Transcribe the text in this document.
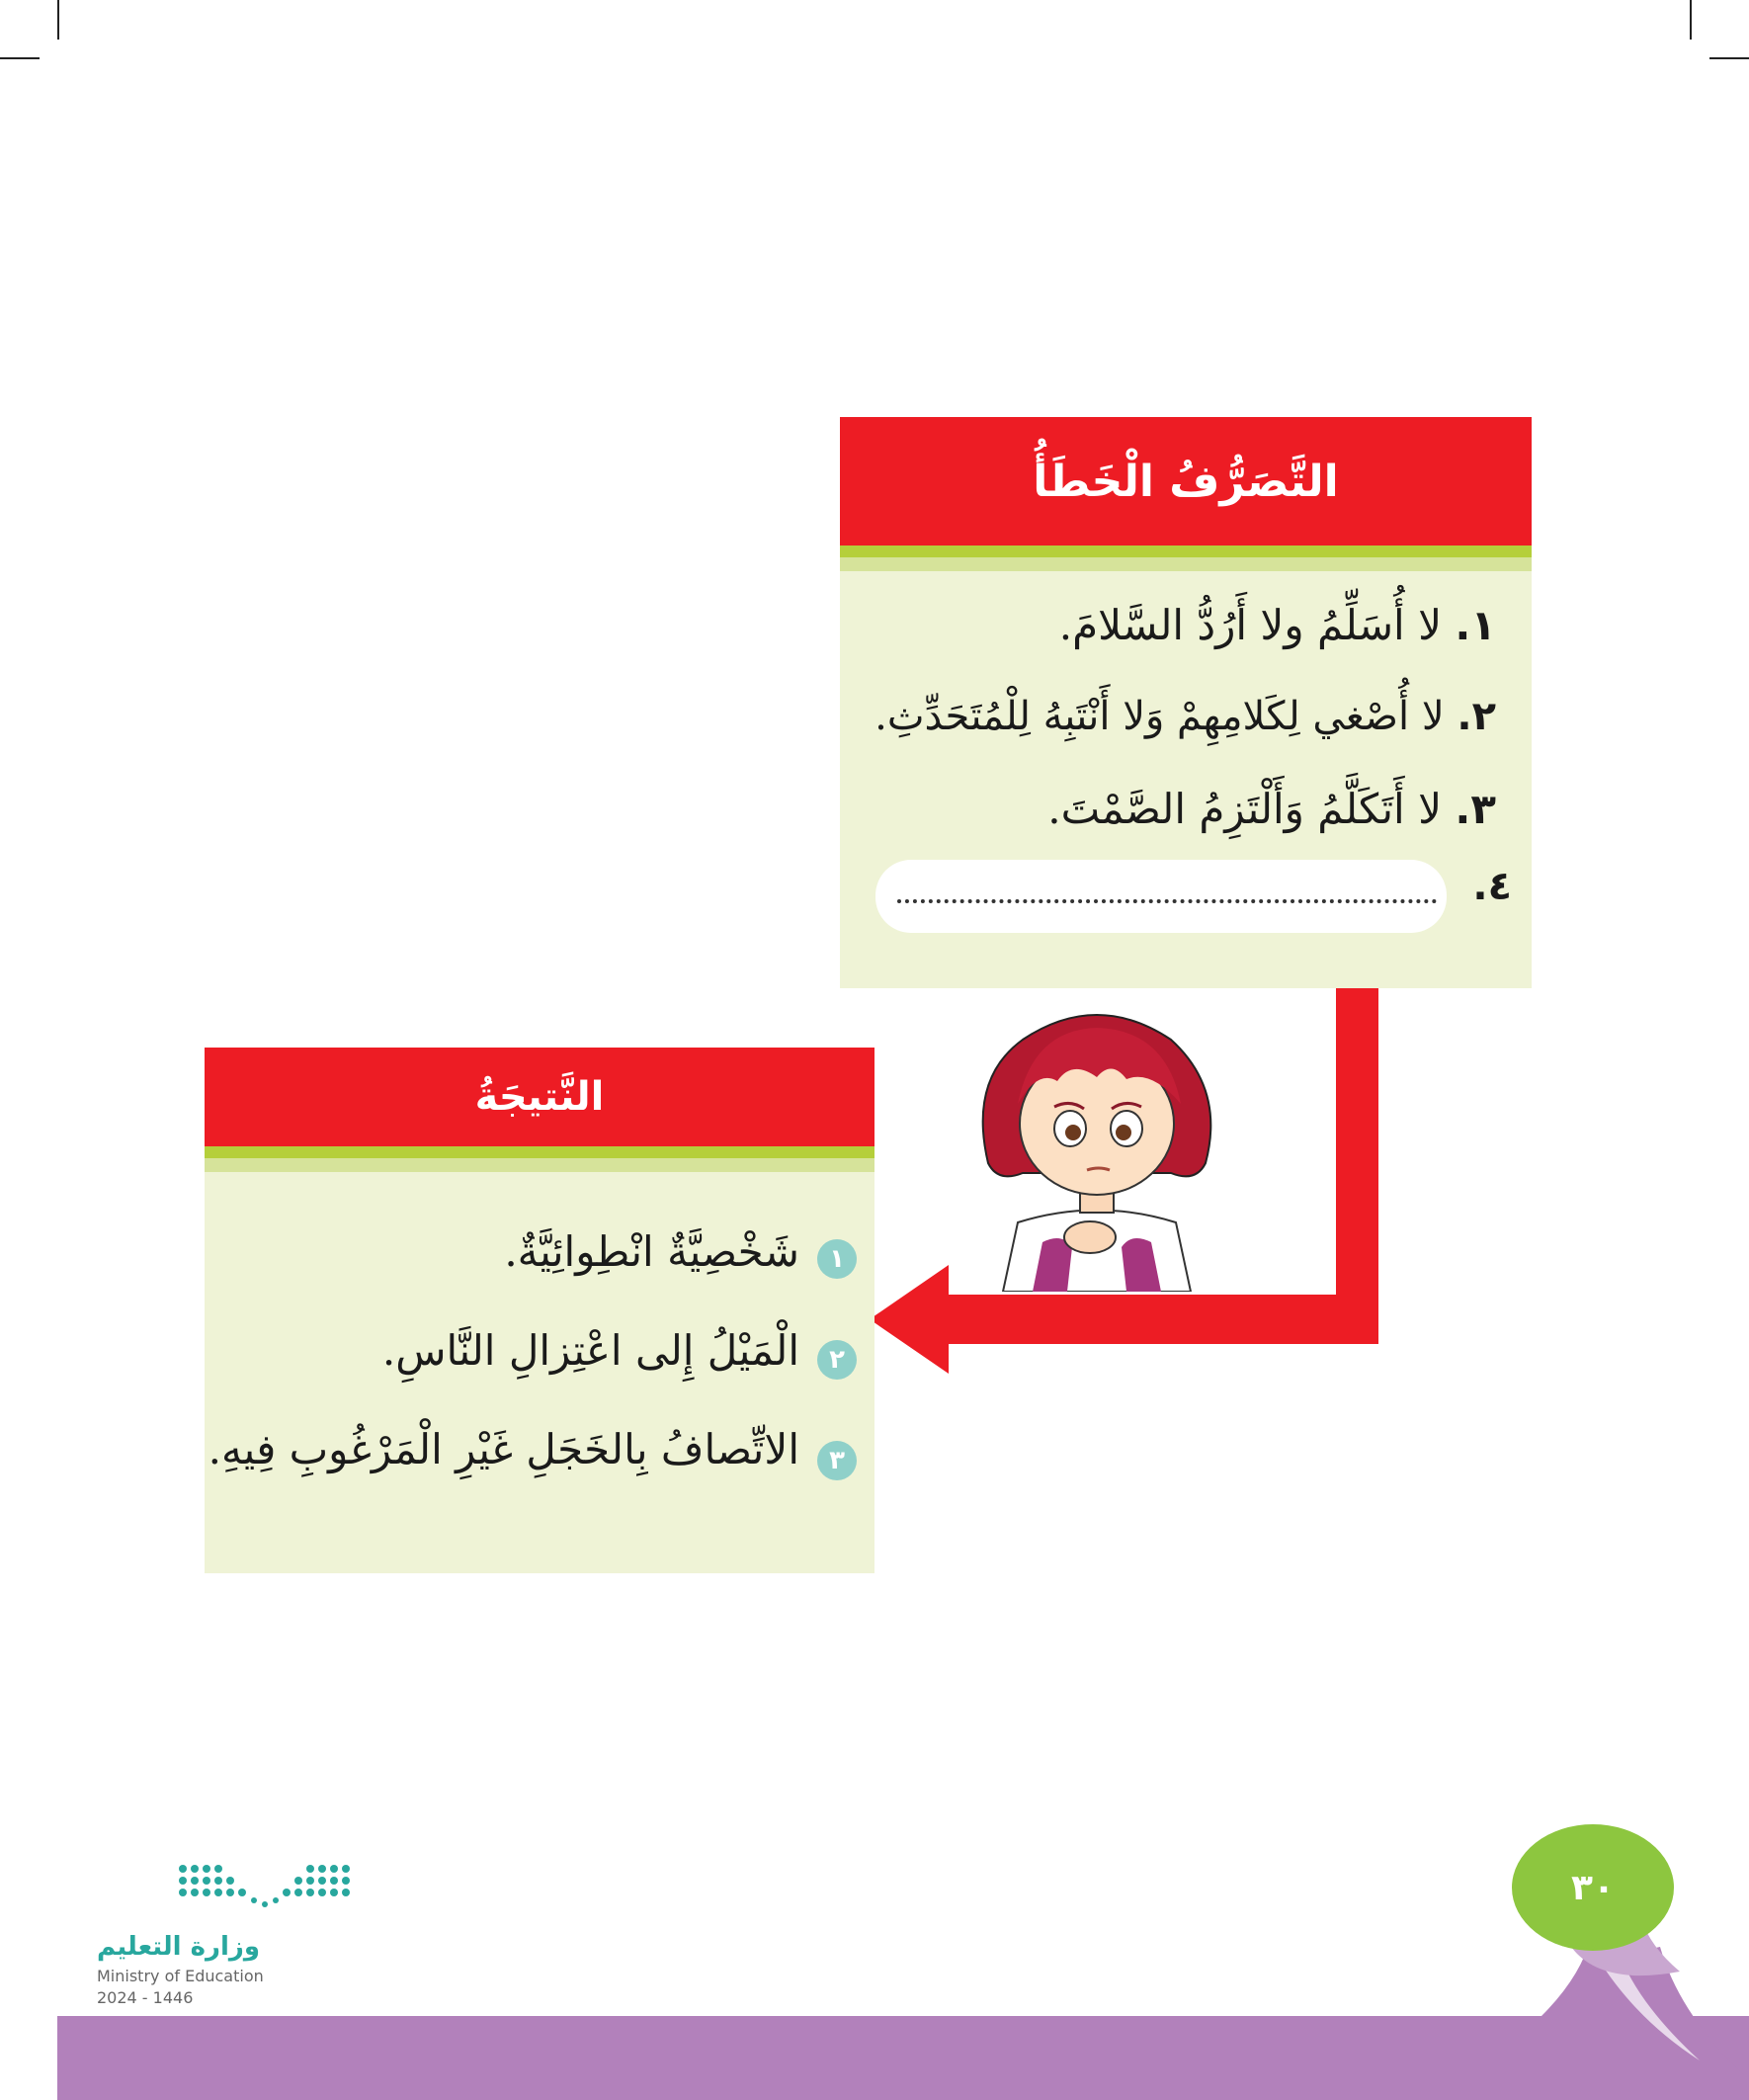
التَّصَرُّفُ الْخَطَأُ
١. لا أُسَلِّمُ ولا أَرُدُّ السَّلامَ.
٢. لا أُصْغي لِكَلامِهِمْ وَلا أَنْتَبِهُ لِلْمُتَحَدِّثِ.
٣. لا أَتَكَلَّمُ وَأَلْتَزِمُ الصَّمْتَ.
٤.
النَّتيجَةُ
١
شَخْصِيَّةٌ انْطِوائِيَّةٌ.
٢
الْمَيْلُ إِلى اعْتِزالِ النَّاسِ.
٣
الاتِّصافُ بِالخَجَلِ غَيْرِ الْمَرْغُوبِ فِيهِ.
٣٠
وزارة التعليم
Ministry of Education
2024 - 1446
